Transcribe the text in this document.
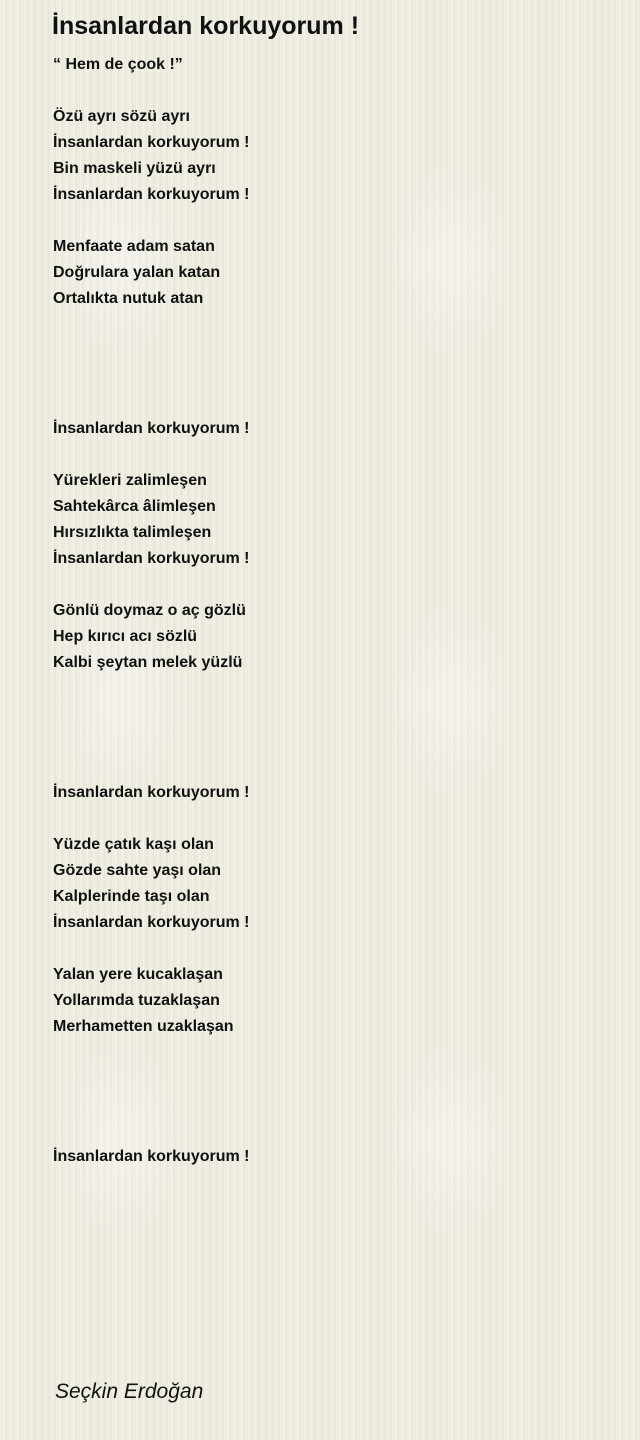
İnsanlardan korkuyorum !
“ Hem de çook !”
Özü ayrı sözü ayrı
İnsanlardan korkuyorum !
Bin maskeli yüzü ayrı
İnsanlardan korkuyorum !
Menfaate adam satan
Doğrulara yalan katan
Ortalıkta nutuk atan
İnsanlardan korkuyorum !
Yürekleri zalimleşen
Sahtekârca âlimleşen
Hırsızlıkta talimleşen
İnsanlardan korkuyorum !
Gönlü doymaz o aç gözlü
Hep kırıcı acı sözlü
Kalbi şeytan melek yüzlü
İnsanlardan korkuyorum !
Yüzde çatık kaşı olan
Gözde sahte yaşı olan
Kalplerinde taşı olan
İnsanlardan korkuyorum !
Yalan yere kucaklaşan
Yollarımda tuzaklaşan
Merhametten uzaklaşan
İnsanlardan korkuyorum !
Seçkin Erdoğan
